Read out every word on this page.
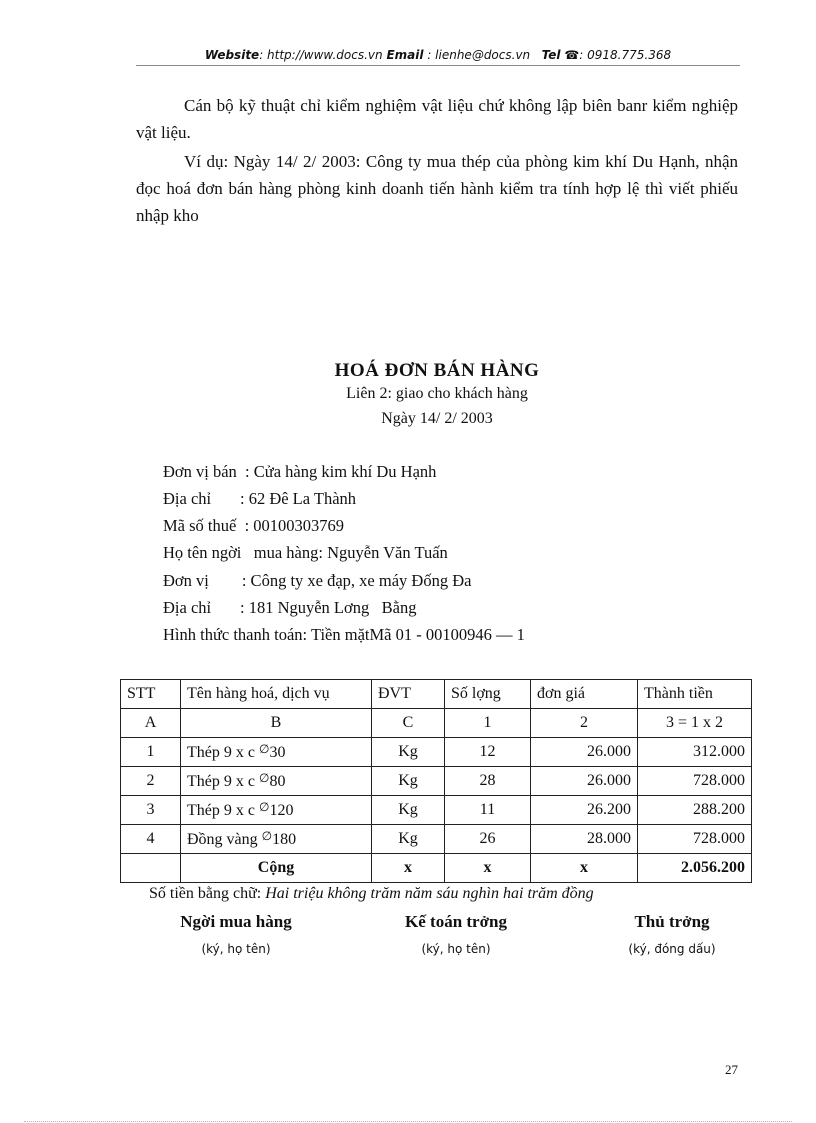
Website: http://www.docs.vn Email : lienhe@docs.vn Tel ☎: 0918.775.368
Cán bộ kỹ thuật chỉ kiểm nghiệm vật liệu chứ không lập biên banr kiểm nghiệp vật liệu.
Ví dụ: Ngày 14/ 2/ 2003: Công ty mua thép của phòng kim khí Du Hạnh, nhận đọc hoá đơn bán hàng phòng kinh doanh tiến hành kiểm tra tính hợp lệ thì viết phiếu nhập kho
HOÁ ĐƠN BÁN HÀNG
Liên 2: giao cho khách hàng
Ngày 14/ 2/ 2003
Đơn vị bán  : Cửa hàng kim khí Du Hạnh
Địa chỉ       : 62 Đê La Thành
Mã số thuế  : 00100303769
Họ tên ngời   mua hàng: Nguyễn Văn Tuấn
Đơn vị        : Công ty xe đạp, xe máy Đống Đa
Địa chỉ       : 181 Nguyễn Lơng   Bằng
Hình thức thanh toán: Tiền mặtMã 01 - 00100946 — 1
STT	Tên hàng hoá, dịch vụ	ĐVT	Số lợng	đơn giá	Thành tiền
A	B	C	1	2	3 = 1 x 2
1	Thép 9 x c ∅30	Kg	12	26.000	312.000
2	Thép 9 x c ∅80	Kg	28	26.000	728.000
3	Thép 9 x c ∅120	Kg	11	26.200	288.200
4	Đồng vàng ∅180	Kg	26	28.000	728.000
	Cộng	x	x	x	2.056.200
Số tiền bằng chữ: Hai triệu không trăm năm sáu nghìn hai trăm đồng
Ngời mua hàng
(ký, họ tên)
Kế toán trởng
(ký, họ tên)
Thủ trởng
(ký, đóng dấu)
27
